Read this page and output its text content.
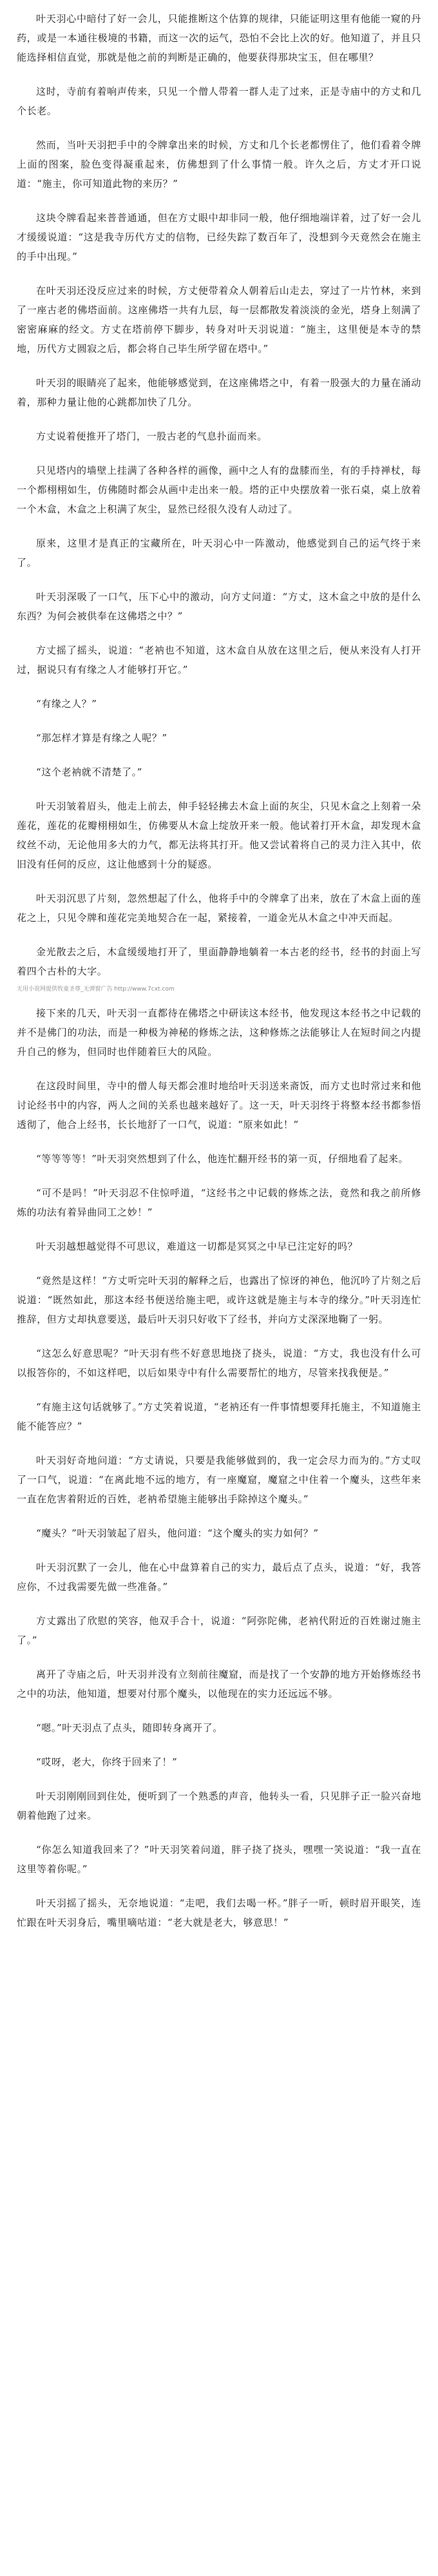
叶天羽心中暗付了好一会儿，只能推断这个估算的规律，只能证明这里有他能一窥的丹药，或是一本通往极境的书籍，而这一次的运气，恐怕不会比上次的好。他知道了，并且只能选择相信直觉，那就是他之前的判断是正确的，他要获得那块宝玉，但在哪里？

这时，寺前有着响声传来，只见一个僧人带着一群人走了过来，正是寺庙中的方丈和几个长老。

然而，当叶天羽把手中的令牌拿出来的时候，方丈和几个长老都愣住了，他们看着令牌上面的图案，脸色变得凝重起来，仿佛想到了什么事情一般。许久之后，方丈才开口说道：“施主，你可知道此物的来历？”

这块令牌看起来普普通通，但在方丈眼中却非同一般，他仔细地端详着，过了好一会儿才缓缓说道：“这是我寺历代方丈的信物，已经失踪了数百年了，没想到今天竟然会在施主的手中出现。”

在叶天羽还没反应过来的时候，方丈便带着众人朝着后山走去，穿过了一片竹林，来到了一座古老的佛塔面前。这座佛塔一共有九层，每一层都散发着淡淡的金光，塔身上刻满了密密麻麻的经文。方丈在塔前停下脚步，转身对叶天羽说道：“施主，这里便是本寺的禁地，历代方丈圆寂之后，都会将自己毕生所学留在塔中。”

叶天羽的眼睛亮了起来，他能够感觉到，在这座佛塔之中，有着一股强大的力量在涌动着，那种力量让他的心跳都加快了几分。

方丈说着便推开了塔门，一股古老的气息扑面而来。

只见塔内的墙壁上挂满了各种各样的画像，画中之人有的盘膝而坐，有的手持禅杖，每一个都栩栩如生，仿佛随时都会从画中走出来一般。塔的正中央摆放着一张石桌，桌上放着一个木盒，木盒之上积满了灰尘，显然已经很久没有人动过了。

原来，这里才是真正的宝藏所在，叶天羽心中一阵激动，他感觉到自己的运气终于来了。

叶天羽深吸了一口气，压下心中的激动，向方丈问道：“方丈，这木盒之中放的是什么东西？为何会被供奉在这佛塔之中？”

方丈摇了摇头，说道：“老衲也不知道，这木盒自从放在这里之后，便从来没有人打开过，据说只有有缘之人才能够打开它。”

“有缘之人？”

“那怎样才算是有缘之人呢？”

“这个老衲就不清楚了。”

叶天羽皱着眉头，他走上前去，伸手轻轻拂去木盒上面的灰尘，只见木盒之上刻着一朵莲花，莲花的花瓣栩栩如生，仿佛要从木盒上绽放开来一般。他试着打开木盒，却发现木盒纹丝不动，无论他用多大的力气，都无法将其打开。他又尝试着将自己的灵力注入其中，依旧没有任何的反应，这让他感到十分的疑惑。

叶天羽沉思了片刻，忽然想起了什么，他将手中的令牌拿了出来，放在了木盒上面的莲花之上，只见令牌和莲花完美地契合在一起，紧接着，一道金光从木盒之中冲天而起。

金光散去之后，木盒缓缓地打开了，里面静静地躺着一本古老的经书，经书的封面上写着四个古朴的大字。

无用小说网提供牧童圣尊_无弹窗广告 http://www.7cxt.com

接下来的几天，叶天羽一直都待在佛塔之中研读这本经书，他发现这本经书之中记载的并不是佛门的功法，而是一种极为神秘的修炼之法，这种修炼之法能够让人在短时间之内提升自己的修为，但同时也伴随着巨大的风险。

在这段时间里，寺中的僧人每天都会准时地给叶天羽送来斋饭，而方丈也时常过来和他讨论经书中的内容，两人之间的关系也越来越好了。这一天，叶天羽终于将整本经书都参悟透彻了，他合上经书，长长地舒了一口气，说道：“原来如此！”

“等等等等！”叶天羽突然想到了什么，他连忙翻开经书的第一页，仔细地看了起来。

“可不是吗！”叶天羽忍不住惊呼道，“这经书之中记载的修炼之法，竟然和我之前所修炼的功法有着异曲同工之妙！”

叶天羽越想越觉得不可思议，难道这一切都是冥冥之中早已注定好的吗？

“竟然是这样！”方丈听完叶天羽的解释之后，也露出了惊讶的神色，他沉吟了片刻之后说道：“既然如此，那这本经书便送给施主吧，或许这就是施主与本寺的缘分。”叶天羽连忙推辞，但方丈却执意要送，最后叶天羽只好收下了经书，并向方丈深深地鞠了一躬。

“这怎么好意思呢？”叶天羽有些不好意思地挠了挠头，说道：“方丈，我也没有什么可以报答你的，不如这样吧，以后如果寺中有什么需要帮忙的地方，尽管来找我便是。”

“有施主这句话就够了。”方丈笑着说道，“老衲还有一件事情想要拜托施主，不知道施主能不能答应？”

叶天羽好奇地问道：“方丈请说，只要是我能够做到的，我一定会尽力而为的。”方丈叹了一口气，说道：“在离此地不远的地方，有一座魔窟，魔窟之中住着一个魔头，这些年来一直在危害着附近的百姓，老衲希望施主能够出手除掉这个魔头。”

“魔头？”叶天羽皱起了眉头，他问道：“这个魔头的实力如何？”

叶天羽沉默了一会儿，他在心中盘算着自己的实力，最后点了点头，说道：“好，我答应你，不过我需要先做一些准备。”

方丈露出了欣慰的笑容，他双手合十，说道：“阿弥陀佛，老衲代附近的百姓谢过施主了。”

离开了寺庙之后，叶天羽并没有立刻前往魔窟，而是找了一个安静的地方开始修炼经书之中的功法，他知道，想要对付那个魔头，以他现在的实力还远远不够。

“嗯。”叶天羽点了点头，随即转身离开了。

“哎呀，老大，你终于回来了！”

叶天羽刚刚回到住处，便听到了一个熟悉的声音，他转头一看，只见胖子正一脸兴奋地朝着他跑了过来。

“你怎么知道我回来了？”叶天羽笑着问道，胖子挠了挠头，嘿嘿一笑说道：“我一直在这里等着你呢。”

叶天羽摇了摇头，无奈地说道：“走吧，我们去喝一杯。”胖子一听，顿时眉开眼笑，连忙跟在叶天羽身后，嘴里嘀咕道：“老大就是老大，够意思！”
